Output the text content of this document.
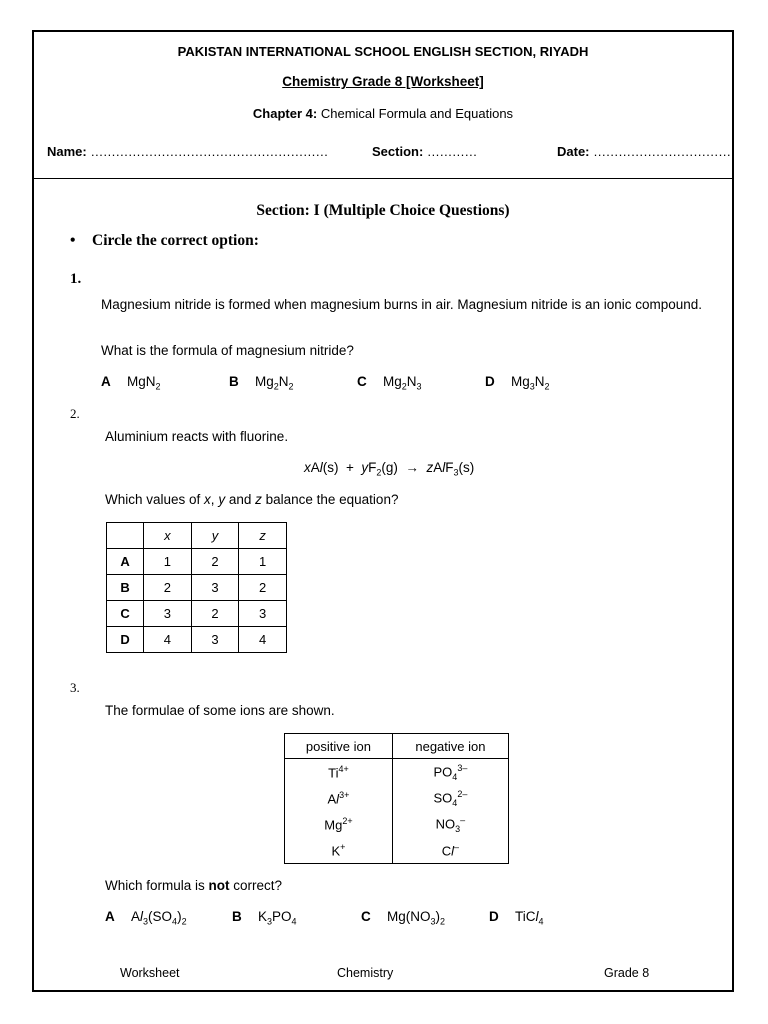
PAKISTAN INTERNATIONAL SCHOOL ENGLISH SECTION, RIYADH
Chemistry Grade 8 [Worksheet]
Chapter 4: Chemical Formula and Equations
Name: …………………………………………………	Section: …………	Date: ……………………………
Section: I (Multiple Choice Questions)
• Circle the correct option:
1.
Magnesium nitride is formed when magnesium burns in air. Magnesium nitride is an ionic compound.
What is the formula of magnesium nitride?
A MgN$_2$	B $Mg_2N_2$	C $Mg_2N_3$	D $Mg_3N_2$
2.
Aluminium reacts with fluorine.
$xAl(s) + yF_2(g)$  →  zAlF$_3$(s)
Which values of x, y and z balance the equation?
	x	y	z
A	1	2	1
B	2	3	2
C	3	2	3
D	4	3	4
3.
The formulae of some ions are shown.
positive ion	negative ion
$Ti^{4+}$	$PO_4^{3-}$
$Al^{3+}$	$SO_4^{2-}$
$Mg^{2+}$	$NO_3^-$
K+	Cl–
Which formula is not correct?
A $Al_3(SO_4)_2$	B $K_3PO_4$	C $Mg(NO_3)_2$	D TiCl$_4$
Worksheet	Chemistry	Grade 8
